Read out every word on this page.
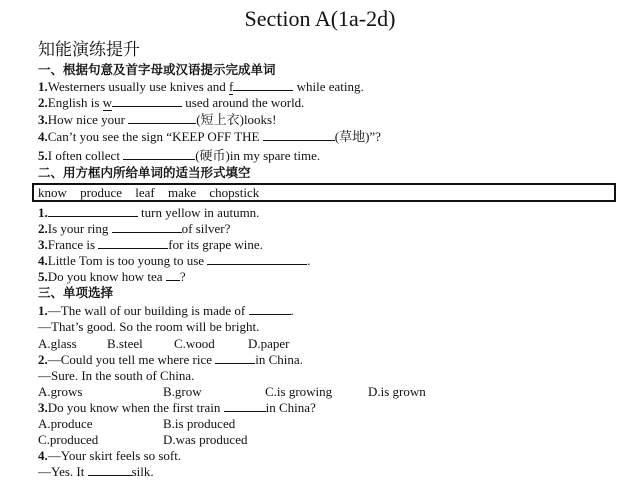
Section A(1a-2d)
知能演练提升
一、根据句意及首字母或汉语提示完成单词
1.Westerners usually use knives and f	while eating.
2.English is w	used around the world.
3.How nice your	(短上衣)looks!
4.Can’t you see the sign “KEEP OFF THE	(草地)”?
5.I often collect	(硬币)in my spare time.
二、用方框内所给单词的适当形式填空
know produce leaf make chopstick
1.	turn yellow in autumn.
2.Is your ring	of silver?
3.France is	for its grape wine.
4.Little Tom is too young to use	.
5.Do you know how tea ?
三、单项选择
1.—The wall of our building is made of	.
—That’s good. So the room will be bright.
A.glass B.steel C.wood	D.paper
2.—Could you tell me where rice	in China.
—Sure. In the south of China.
A.grows	B.grow	C.is growing	D.is grown
3.Do you know when the first train	in China?
A.produce	B.is produced
C.produced	D.was produced
4.—Your skirt feels so soft.
—Yes. It	silk.
